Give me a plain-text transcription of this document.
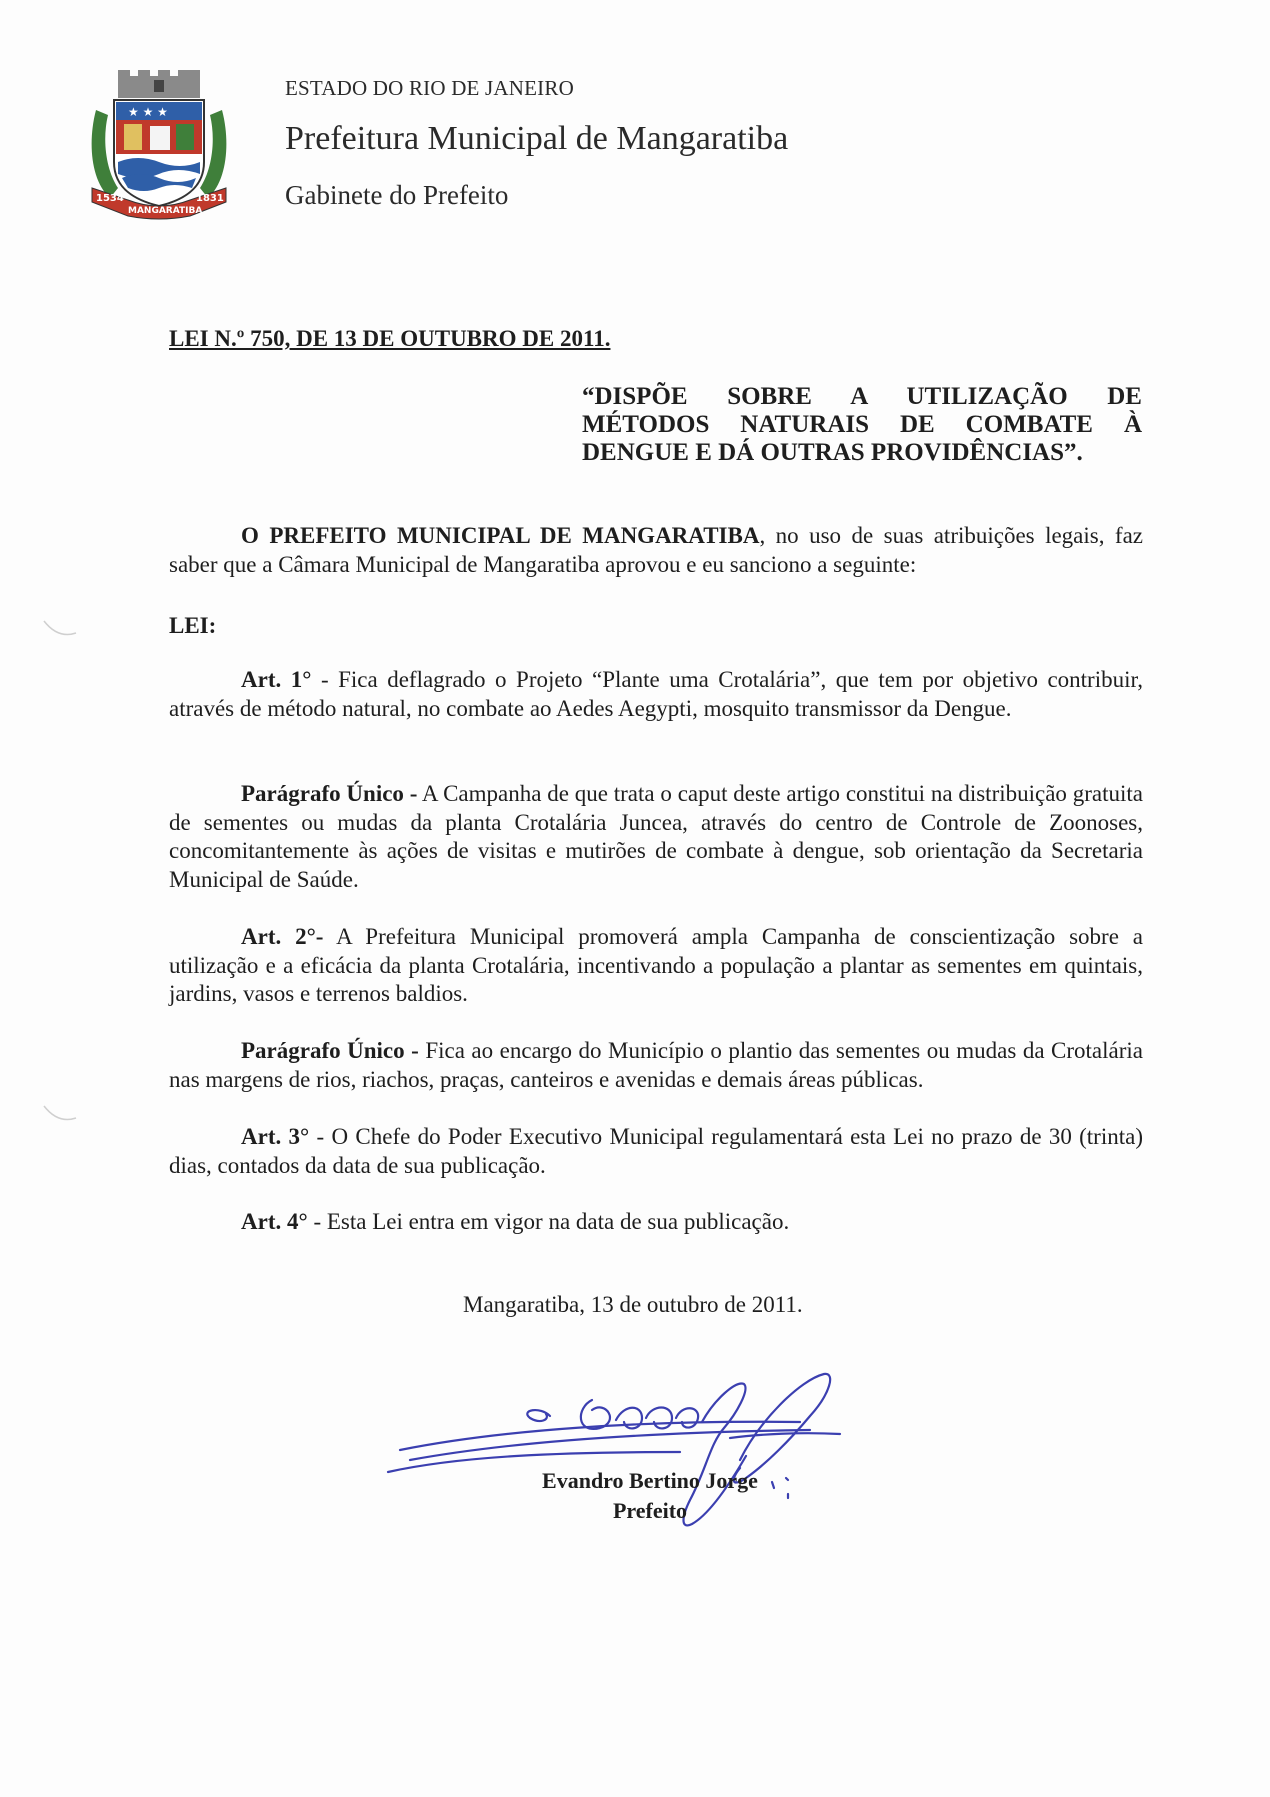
★ ★ ★
1534
MANGARATIBA
1831
ESTADO DO RIO DE JANEIRO
Prefeitura Municipal de Mangaratiba
Gabinete do Prefeito
LEI N.º 750, DE 13 DE OUTUBRO DE 2011.
“DISPÕE SOBRE A UTILIZAÇÃO DE
MÉTODOS NATURAIS DE COMBATE À
DENGUE E DÁ OUTRAS PROVIDÊNCIAS”.
O PREFEITO MUNICIPAL DE MANGARATIBA, no uso de suas atribuições legais, faz saber que a Câmara Municipal de Mangaratiba aprovou e eu sanciono a seguinte:
LEI:
Art. 1° - Fica deflagrado o Projeto “Plante uma Crotalária”, que tem por objetivo contribuir, através de método natural, no combate ao Aedes Aegypti, mosquito transmissor da Dengue.
Parágrafo Único - A Campanha de que trata o caput deste artigo constitui na distribuição gratuita de sementes ou mudas da planta Crotalária Juncea, através do centro de Controle de Zoonoses, concomitantemente às ações de visitas e mutirões de combate à dengue, sob orientação da Secretaria Municipal de Saúde.
Art. 2°- A Prefeitura Municipal promoverá ampla Campanha de conscientização sobre a utilização e a eficácia da planta Crotalária, incentivando a população a plantar as sementes em quintais, jardins, vasos e terrenos baldios.
Parágrafo Único - Fica ao encargo do Município o plantio das sementes ou mudas da Crotalária nas margens de rios, riachos, praças, canteiros e avenidas e demais áreas públicas.
Art. 3° - O Chefe do Poder Executivo Municipal regulamentará esta Lei no prazo de 30 (trinta) dias, contados da data de sua publicação.
Art. 4° - Esta Lei entra em vigor na data de sua publicação.
Mangaratiba, 13 de outubro de 2011.
Evandro Bertino Jorge
Prefeito
